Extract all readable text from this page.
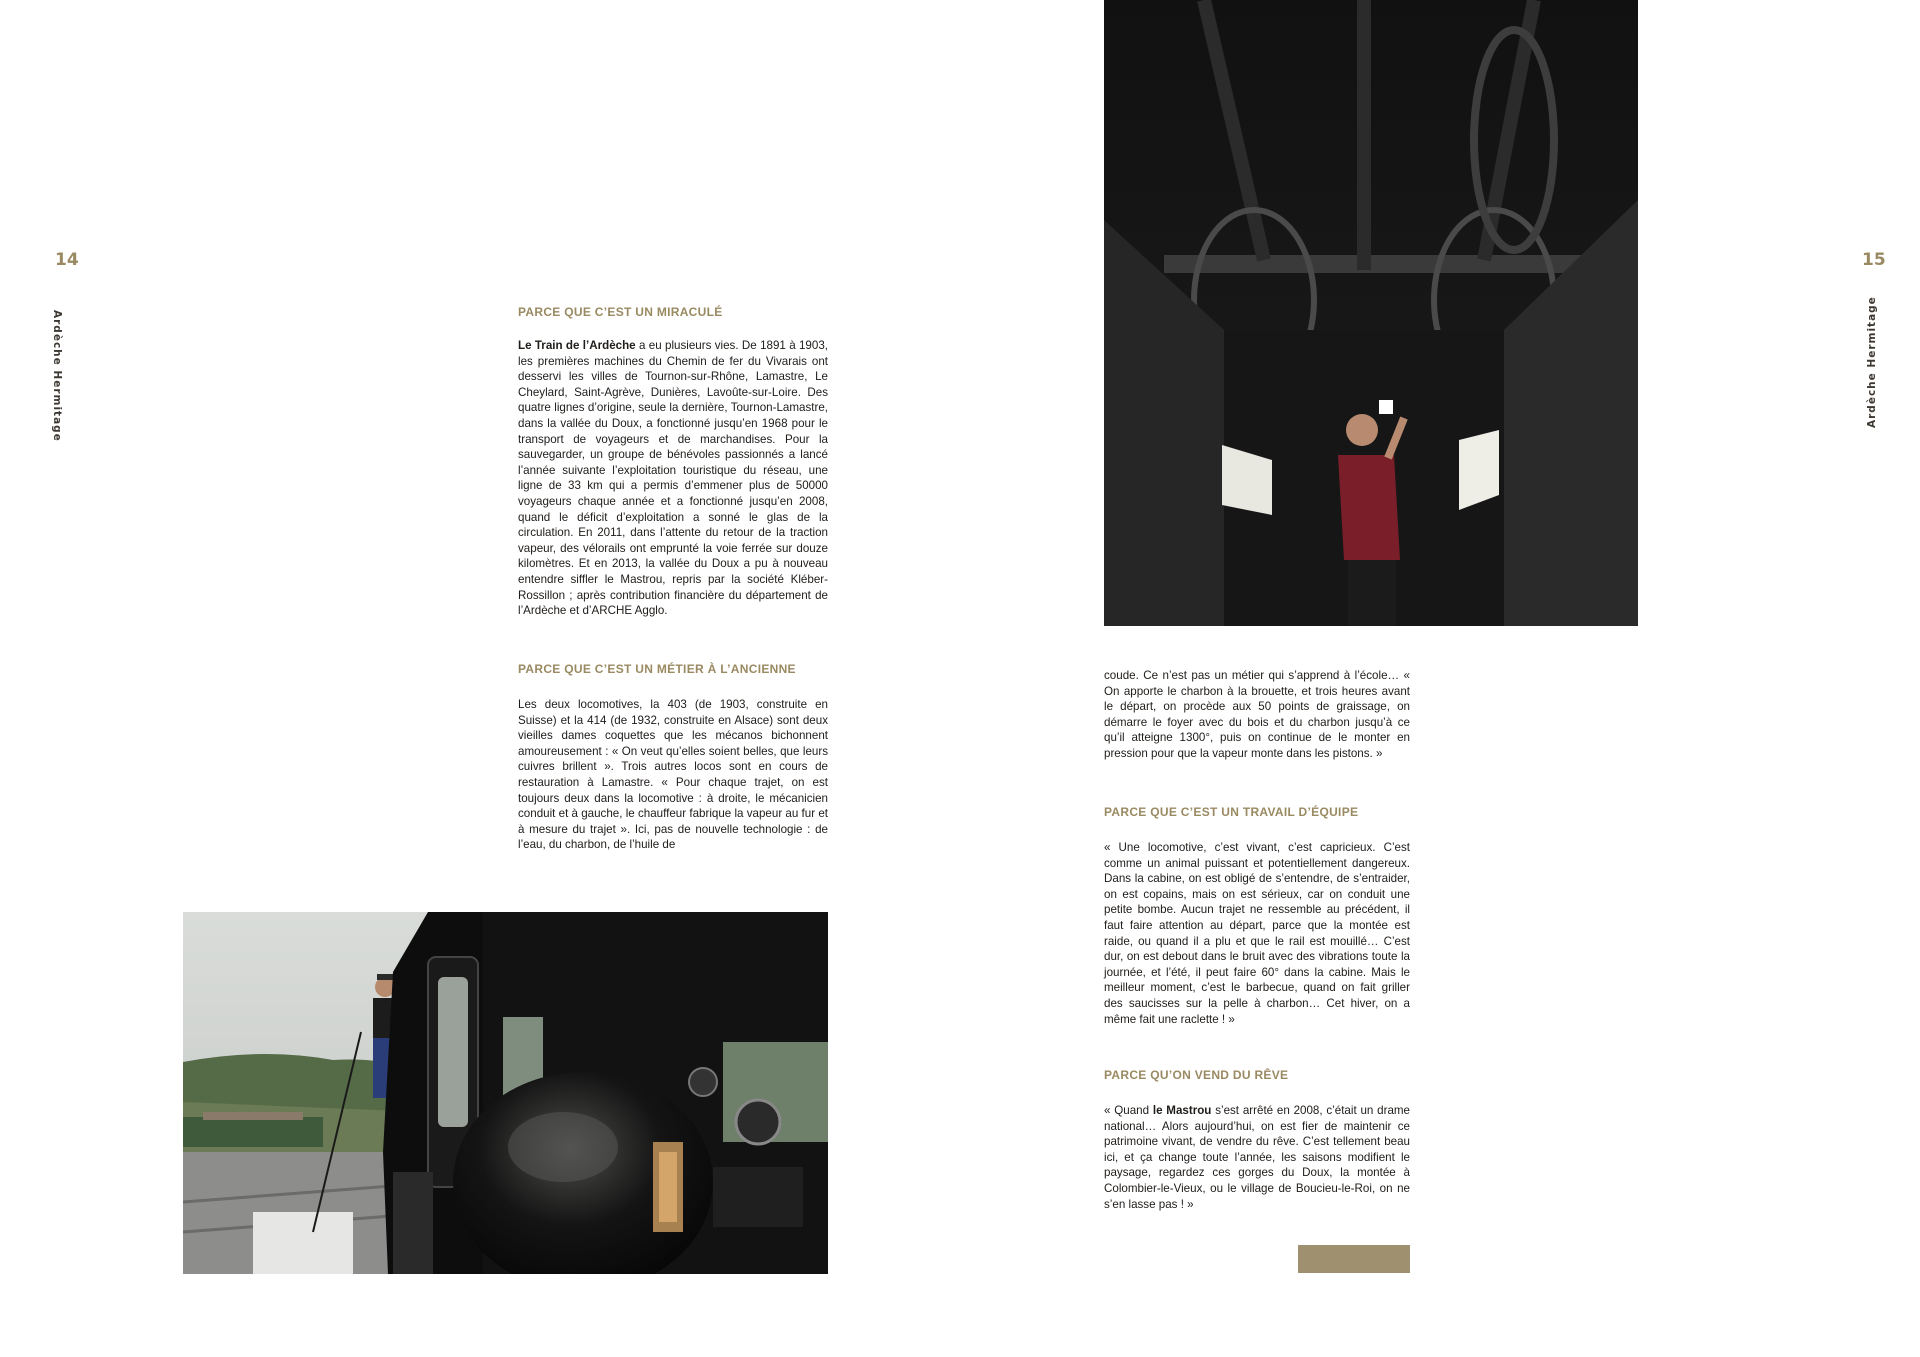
14
Ardèche Hermitage	PARCE QUE C’EST UN MIRACULÉ

Le Train de l’Ardèche a eu plusieurs vies. De 1891 à 1903, les premières machines du Chemin de fer du Vivarais ont desservi les villes de Tournon-sur-Rhône, Lamastre, Le Cheylard, Saint-Agrève, Dunières, Lavoûte-sur-Loire. Des quatre lignes d’origine, seule la dernière, Tournon-Lamastre, dans la vallée du Doux, a fonctionné jusqu’en 1968 pour le transport de voyageurs et de marchandises. Pour la sauvegarder, un groupe de bénévoles passionnés a lancé l’année suivante l’exploitation touristique du réseau, une ligne de 33 km qui a permis d’emmener plus de 50000 voyageurs chaque année et a fonctionné jusqu’en 2008, quand le déficit d’exploitation a sonné le glas de la circulation. En 2011, dans l’attente du retour de la traction vapeur, des vélorails ont emprunté la voie ferrée sur douze kilomètres. Et en 2013, la vallée du Doux a pu à nouveau entendre siffler le Mastrou, repris par la société Kléber-Rossillon ; après contribution financière du département de l’Ardèche et d’ARCHE Agglo.

PARCE QUE C’EST UN MÉTIER À L’ANCIENNE

Les deux locomotives, la 403 (de 1903, construite en Suisse) et la 414 (de 1932, construite en Alsace) sont deux vieilles dames coquettes que les mécanos bichonnent amoureusement : « On veut qu’elles soient belles, que leurs cuivres brillent ». Trois autres locos sont en cours de restauration à Lamastre. « Pour chaque trajet, on est toujours deux dans la locomotive : à droite, le mécanicien conduit et à gauche, le chauffeur fabrique la vapeur au fur et à mesure du trajet ». Ici, pas de nouvelle technologie : de l’eau, du charbon, de l’huile de

15
Ardèche Hermitage

coude. Ce n’est pas un métier qui s’apprend à l’école… « On apporte le charbon à la brouette, et trois heures avant le départ, on procède aux 50 points de graissage, on démarre le foyer avec du bois et du charbon jusqu’à ce qu’il atteigne 1300°, puis on continue de le monter en pression pour que la vapeur monte dans les pistons. »

PARCE QUE C’EST UN TRAVAIL D’ÉQUIPE

« Une locomotive, c’est vivant, c’est capricieux. C’est comme un animal puissant et potentiellement dangereux. Dans la cabine, on est obligé de s’entendre, de s’entraider, on est copains, mais on est sérieux, car on conduit une petite bombe. Aucun trajet ne ressemble au précédent, il faut faire attention au départ, parce que la montée est raide, ou quand il a plu et que le rail est mouillé… C’est dur, on est debout dans le bruit avec des vibrations toute la journée, et l’été, il peut faire 60° dans la cabine. Mais le meilleur moment, c’est le barbecue, quand on fait griller des saucisses sur la pelle à charbon… Cet hiver, on a même fait une raclette ! »

PARCE QU’ON VEND DU RÊVE

« Quand le Mastrou s’est arrêté en 2008, c’était un drame national… Alors aujourd’hui, on est fier de maintenir ce patrimoine vivant, de vendre du rêve. C’est tellement beau ici, et ça change toute l’année, les saisons modifient le paysage, regardez ces gorges du Doux, la montée à Colombier-le-Vieux, ou le village de Boucieu-le-Roi, on ne s’en lasse pas ! »
